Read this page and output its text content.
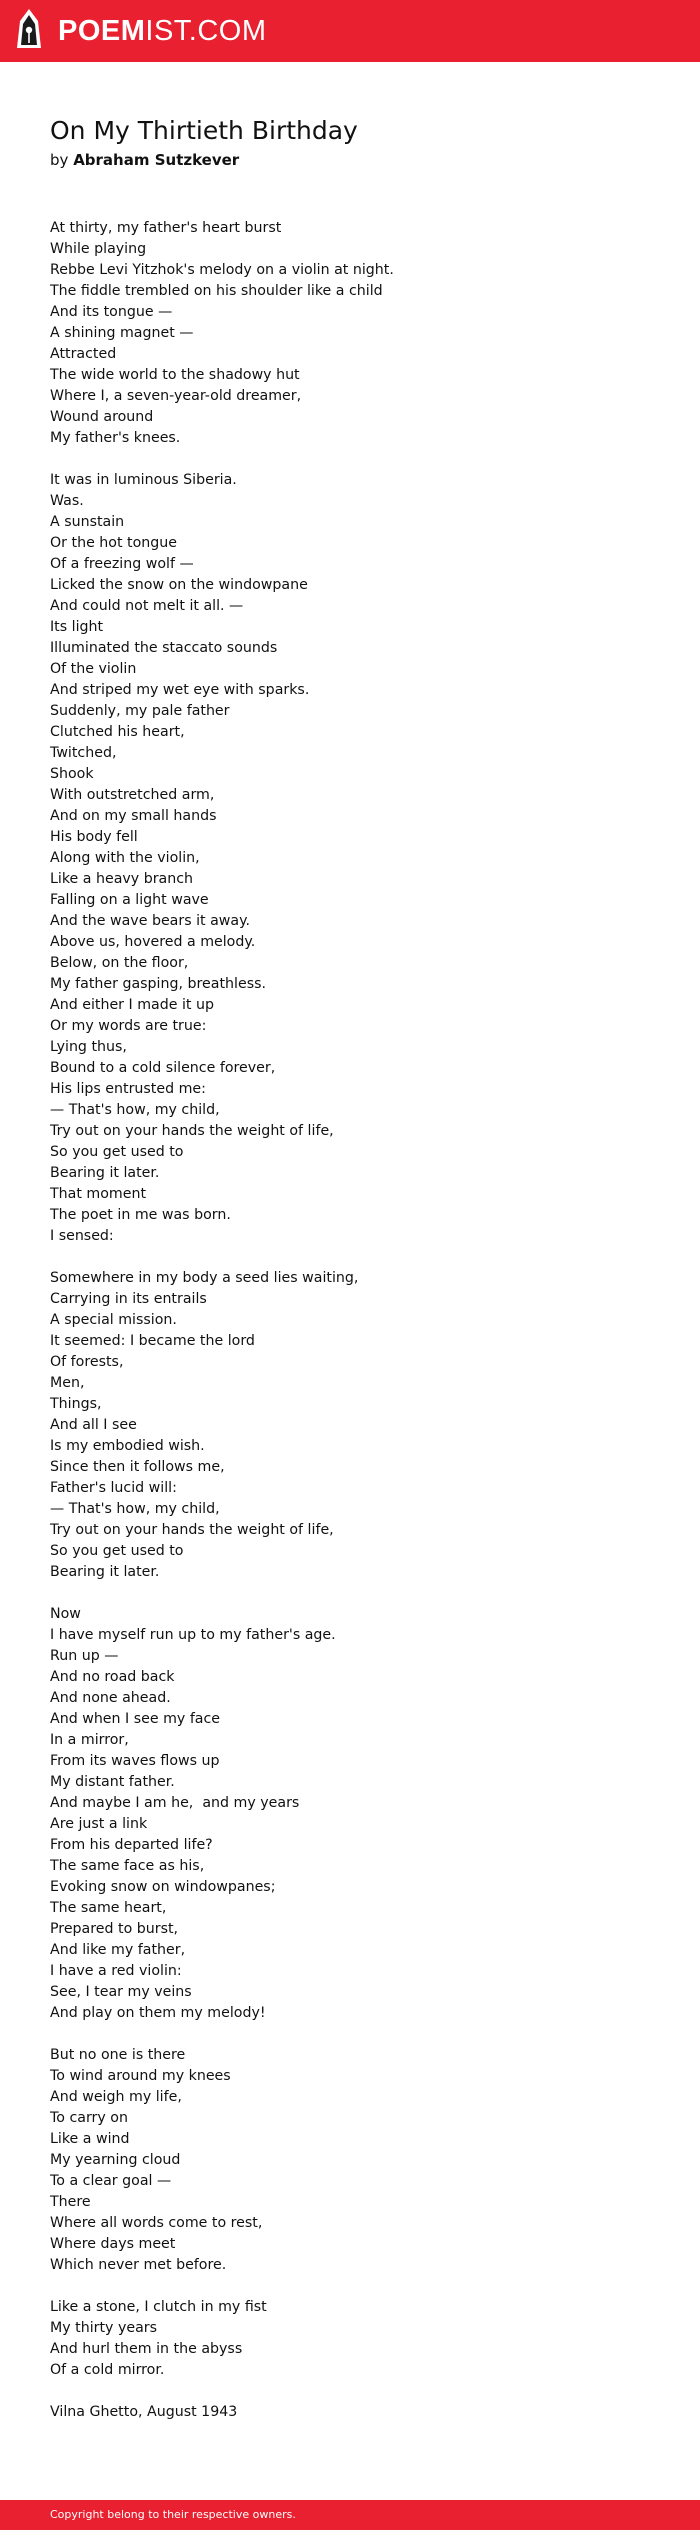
POEMIST.COM
On My Thirtieth Birthday
by Abraham Sutzkever
At thirty, my father's heart burst
While playing
Rebbe Levi Yitzhok's melody on a violin at night.
The fiddle trembled on his shoulder like a child
And its tongue —
A shining magnet —
Attracted
The wide world to the shadowy hut
Where I, a seven-year-old dreamer,
Wound around
My father's knees.
It was in luminous Siberia.
Was.
A sunstain
Or the hot tongue
Of a freezing wolf —
Licked the snow on the windowpane
And could not melt it all. —
Its light
Illuminated the staccato sounds
Of the violin
And striped my wet eye with sparks.
Suddenly, my pale father
Clutched his heart,
Twitched,
Shook
With outstretched arm,
And on my small hands
His body fell
Along with the violin,
Like a heavy branch
Falling on a light wave
And the wave bears it away.
Above us, hovered a melody.
Below, on the floor,
My father gasping, breathless.
And either I made it up
Or my words are true:
Lying thus,
Bound to a cold silence forever,
His lips entrusted me:
— That's how, my child,
Try out on your hands the weight of life,
So you get used to
Bearing it later.
That moment
The poet in me was born.
I sensed:
Somewhere in my body a seed lies waiting,
Carrying in its entrails
A special mission.
It seemed: I became the lord
Of forests,
Men,
Things,
And all I see
Is my embodied wish.
Since then it follows me,
Father's lucid will:
— That's how, my child,
Try out on your hands the weight of life,
So you get used to
Bearing it later.
Now
I have myself run up to my father's age.
Run up —
And no road back
And none ahead.
And when I see my face
In a mirror,
From its waves flows up
My distant father.
And maybe I am he,  and my years
Are just a link
From his departed life?
The same face as his,
Evoking snow on windowpanes;
The same heart,
Prepared to burst,
And like my father,
I have a red violin:
See, I tear my veins
And play on them my melody!
But no one is there
To wind around my knees
And weigh my life,
To carry on
Like a wind
My yearning cloud
To a clear goal —
There
Where all words come to rest,
Where days meet
Which never met before.
Like a stone, I clutch in my fist
My thirty years
And hurl them in the abyss
Of a cold mirror.
Vilna Ghetto, August 1943
Copyright belong to their respective owners.
